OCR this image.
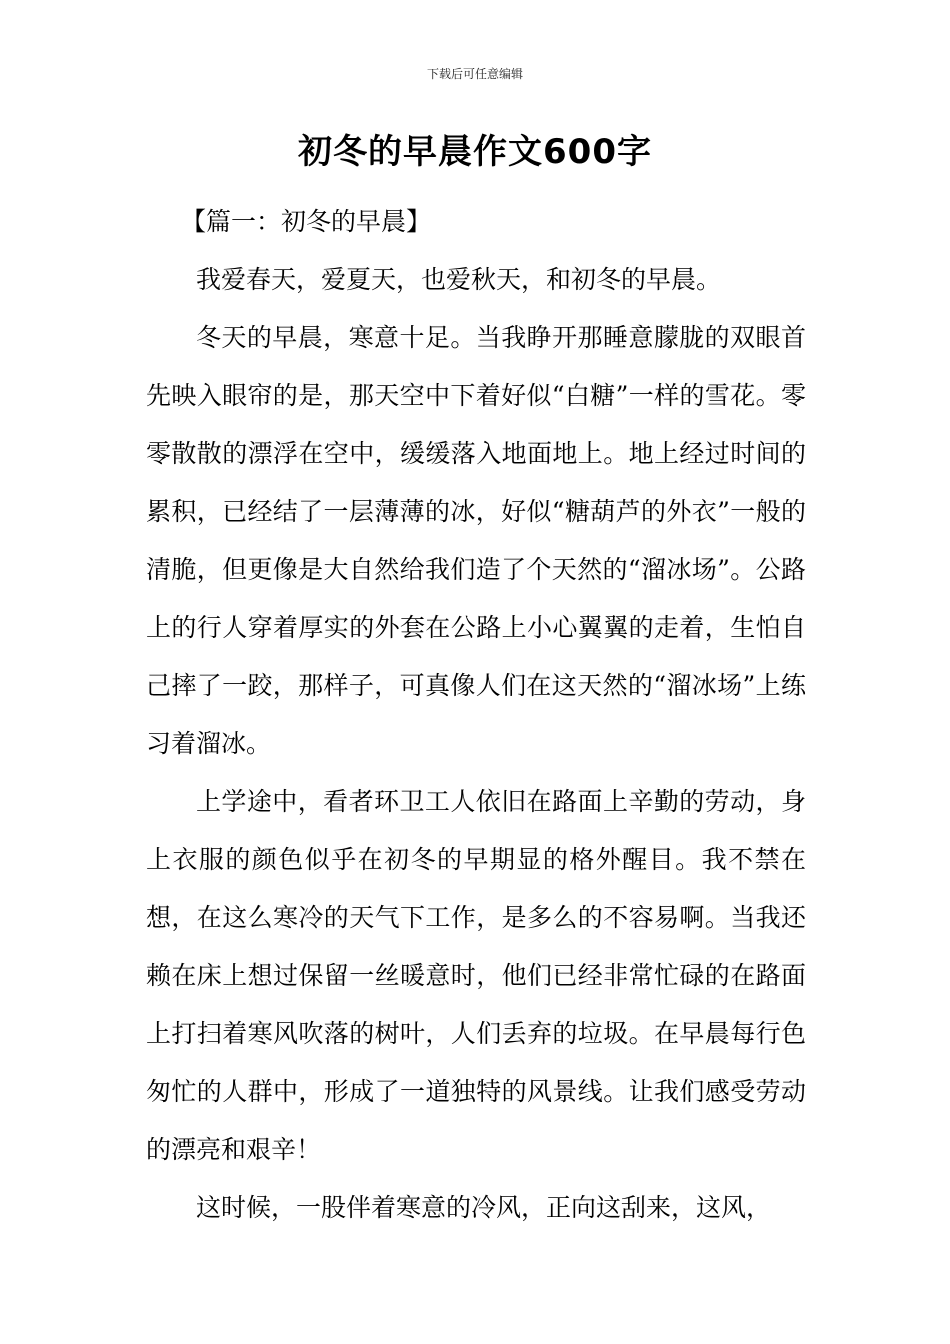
下载后可任意编辑
初冬的早晨作文600字

【篇一：初冬的早晨】

我爱春天，爱夏天，也爱秋天，和初冬的早晨。

冬天的早晨，寒意十足。当我睁开那睡意朦胧的双眼首先映入眼帘的是，那天空中下着好似“白糖”一样的雪花。零零散散的漂浮在空中，缓缓落入地面地上。地上经过时间的累积，已经结了一层薄薄的冰，好似“糖葫芦的外衣”一般的清脆，但更像是大自然给我们造了个天然的“溜冰场”。公路上的行人穿着厚实的外套在公路上小心翼翼的走着，生怕自己摔了一跤，那样子，可真像人们在这天然的“溜冰场”上练习着溜冰。

上学途中，看者环卫工人依旧在路面上辛勤的劳动，身上衣服的颜色似乎在初冬的早期显的格外醒目。我不禁在想，在这么寒冷的天气下工作，是多么的不容易啊。当我还赖在床上想过保留一丝暖意时，他们已经非常忙碌的在路面上打扫着寒风吹落的树叶，人们丢弃的垃圾。在早晨每行色匆忙的人群中，形成了一道独特的风景线。让我们感受劳动的漂亮和艰辛！

这时候，一股伴着寒意的冷风，正向这刮来，这风，
